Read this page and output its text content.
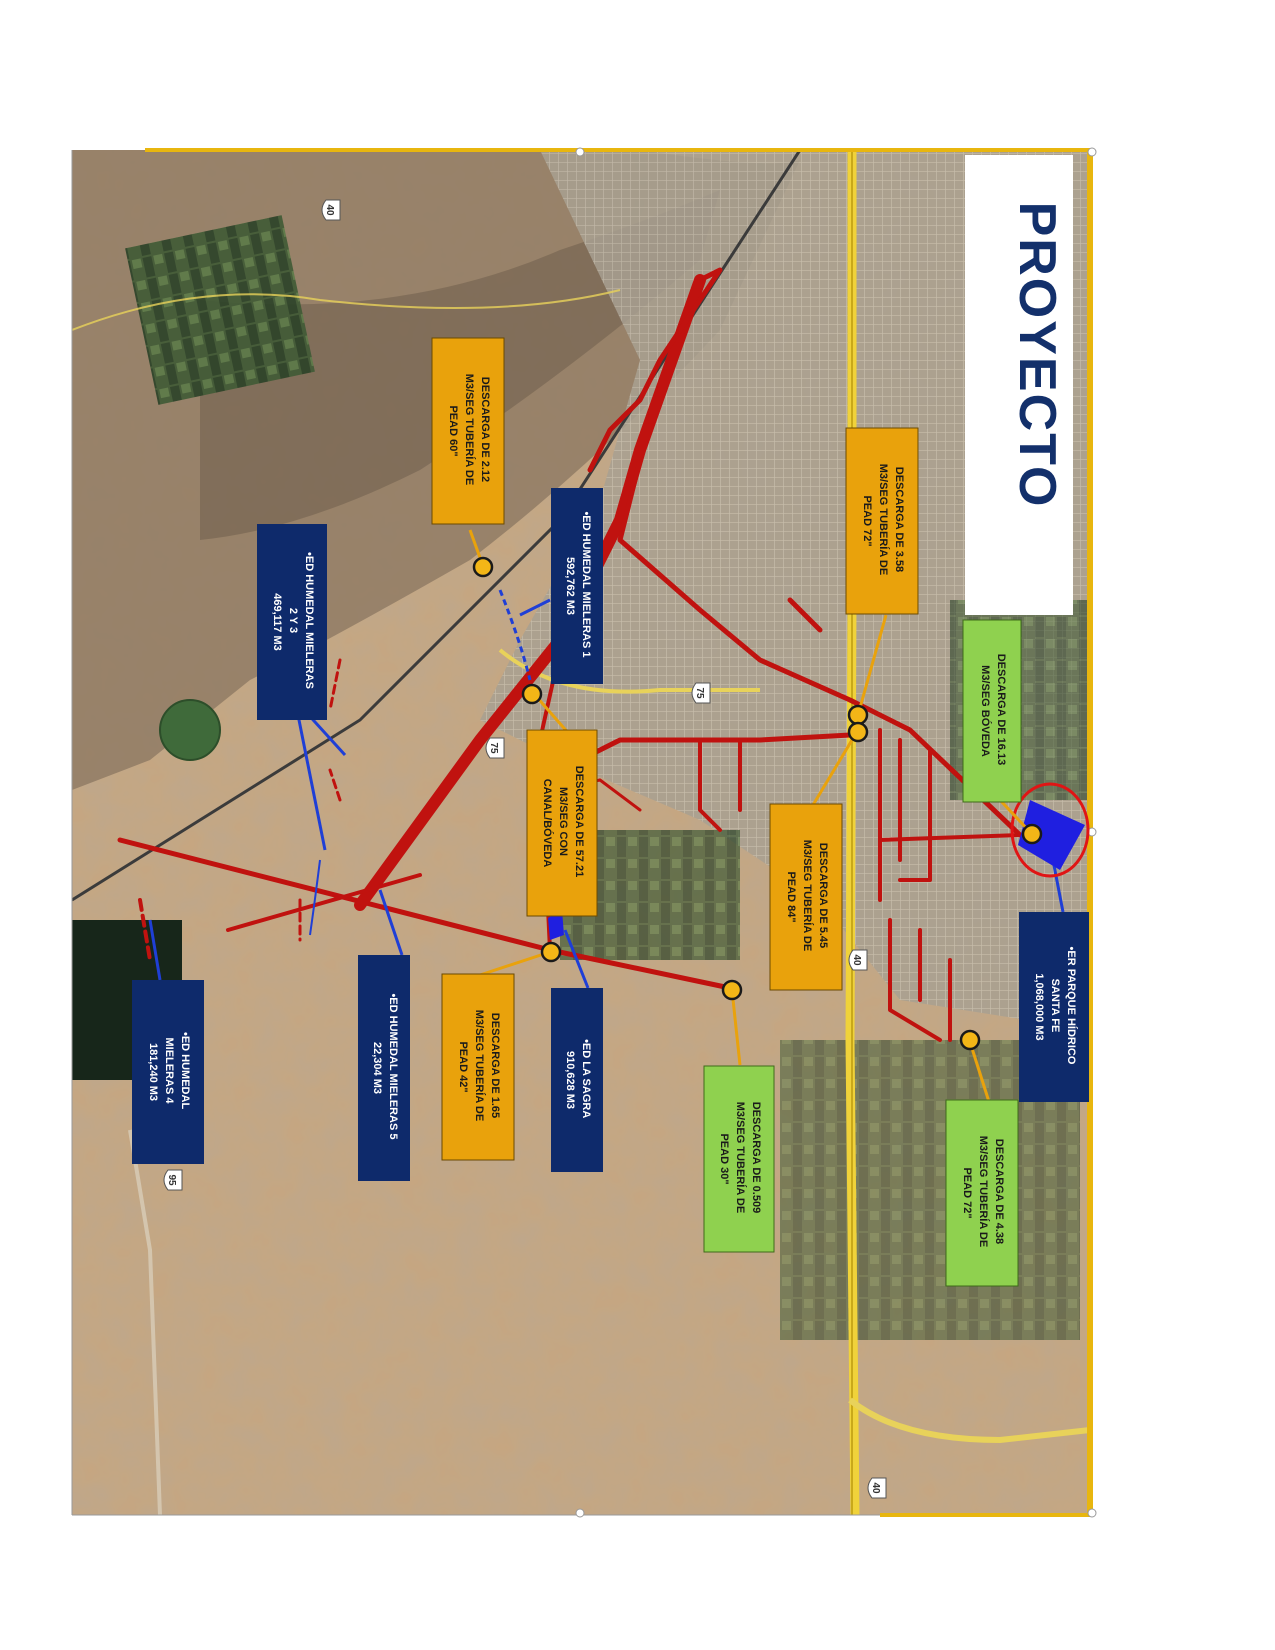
40
75
75
40
40
95
PROYECTO
DESCARGA DE 2.12 M3/SEG TUBERÍA DE PEAD 60"
DESCARGA DE 3.58 M3/SEG TUBERÍA DE PEAD 72"
DESCARGA DE 16.13 M3/SEG BÓVEDA
•ED HUMEDAL MIELERAS 1 592,762 M3
•ED HUMEDAL MIELERAS 2 Y 3 469,117 M3
DESCARGA DE 57.21 M3/SEG CON CANAL/BÓVEDA
DESCARGA DE 5.45 M3/SEG TUBERÍA DE PEAD 84"
•ER PARQUE HÍDRICO SANTA FE 1,068,000 M3
•ED HUMEDAL MIELERAS 4 181,240 M3	•ED HUMEDAL MIELERAS 5 22,304 M3	DESCARGA DE 1.65 M3/SEG TUBERÍA DE PEAD 42"	•ED LA SAGRA 910,628 M3
DESCARGA DE 0.509 M3/SEG TUBERÍA DE PEAD 30"	DESCARGA DE 4.38 M3/SEG TUBERÍA DE PEAD 72"
